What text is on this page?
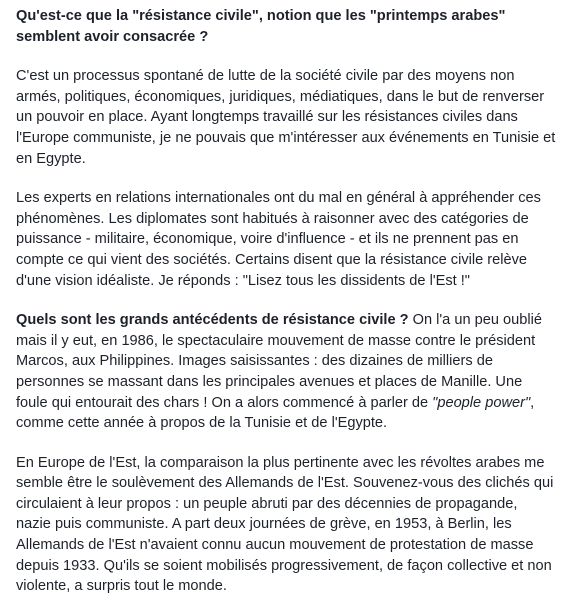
Qu'est-ce que la "résistance civile", notion que les "printemps arabes" semblent avoir consacrée ?

C'est un processus spontané de lutte de la société civile par des moyens non armés, politiques, économiques, juridiques, médiatiques, dans le but de renverser un pouvoir en place. Ayant longtemps travaillé sur les résistances civiles dans l'Europe communiste, je ne pouvais que m'intéresser aux événements en Tunisie et en Egypte.

Les experts en relations internationales ont du mal en général à appréhender ces phénomènes. Les diplomates sont habitués à raisonner avec des catégories de puissance - militaire, économique, voire d'influence - et ils ne prennent pas en compte ce qui vient des sociétés. Certains disent que la résistance civile relève d'une vision idéaliste. Je réponds : "Lisez tous les dissidents de l'Est !"

Quels sont les grands antécédents de résistance civile ? On l'a un peu oublié mais il y eut, en 1986, le spectaculaire mouvement de masse contre le président Marcos, aux Philippines. Images saisissantes : des dizaines de milliers de personnes se massant dans les principales avenues et places de Manille. Une foule qui entourait des chars ! On a alors commencé à parler de "people power", comme cette année à propos de la Tunisie et de l'Egypte.

En Europe de l'Est, la comparaison la plus pertinente avec les révoltes arabes me semble être le soulèvement des Allemands de l'Est. Souvenez-vous des clichés qui circulaient à leur propos : un peuple abruti par des décennies de propagande, nazie puis communiste. A part deux journées de grève, en 1953, à Berlin, les Allemands de l'Est n'avaient connu aucun mouvement de protestation de masse depuis 1933. Qu'ils se soient mobilisés progressivement, de façon collective et non violente, a surpris tout le monde.
